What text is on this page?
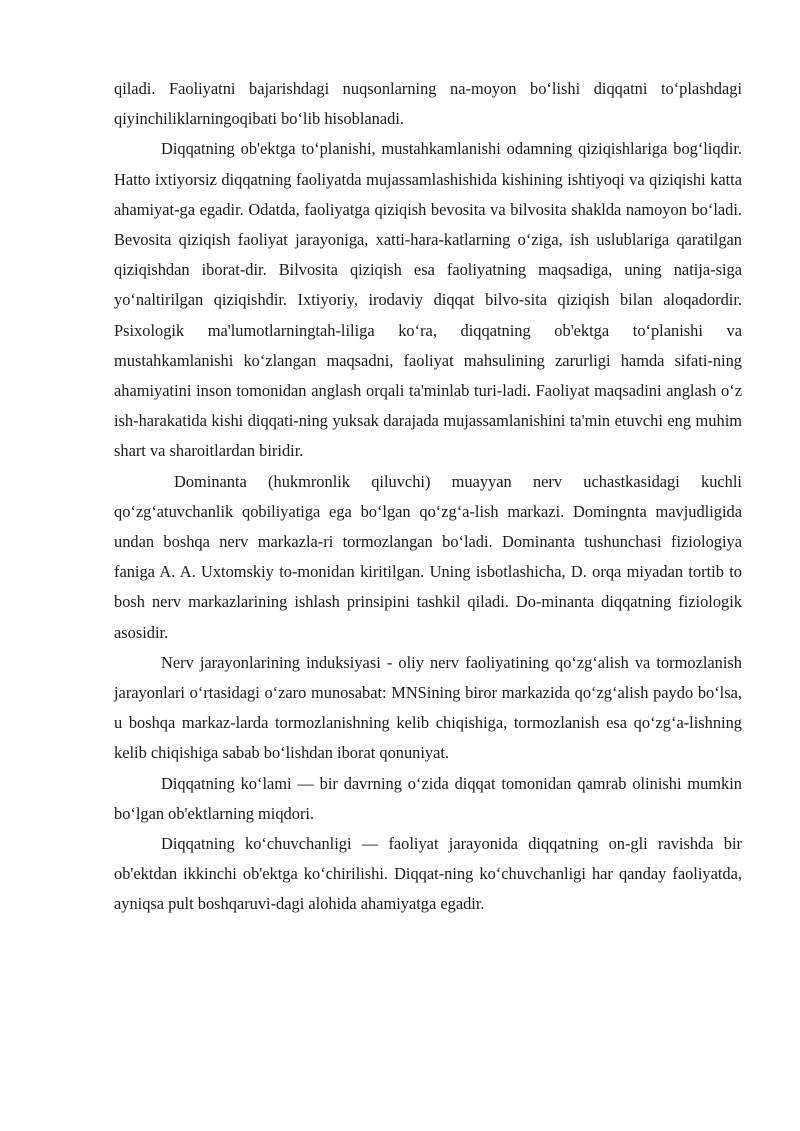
qiladi. Faoliyatni bajarishdagi nuqsonlarning na-moyon bo‘lishi diqqatni to‘plashdagi qiyinchiliklarningoqibati bo‘lib hisoblanadi.

Diqqatning ob'ektga to‘planishi, mustahkamlanishi odamning qiziqishlariga bog‘liqdir. Hatto ixtiyorsiz diqqatning faoliyatda mujassamlashishida kishining ishtiyoqi va qiziqishi katta ahamiyat-ga egadir. Odatda, faoliyatga qiziqish bevosita va bilvosita shaklda namoyon bo‘ladi. Bevosita qiziqish faoliyat jarayoniga, xatti-hara-katlarning o‘ziga, ish uslublariga qaratilgan qiziqishdan iborat-dir. Bilvosita qiziqish esa faoliyatning maqsadiga, uning natija-siga yo‘naltirilgan qiziqishdir. Ixtiyoriy, irodaviy diqqat bilvo-sita qiziqish bilan aloqadordir. Psixologik ma'lumotlarningtah-liliga ko‘ra, diqqatning ob'ektga to‘planishi va mustahkamlanishi ko‘zlangan maqsadni, faoliyat mahsulining zarurligi hamda sifati-ning ahamiyatini inson tomonidan anglash orqali ta'minlab turi-ladi. Faoliyat maqsadini anglash o‘z ish-harakatida kishi diqqati-ning yuksak darajada mujassamlanishini ta'min etuvchi eng muhim shart va sharoitlardan biridir.

Dominanta (hukmronlik qiluvchi) muayyan nerv uchastkasidagi kuchli qo‘zg‘atuvchanlik qobiliyatiga ega bo‘lgan qo‘zg‘a-lish markazi. Domingnta mavjudligida undan boshqa nerv markazla-ri tormozlangan bo‘ladi. Dominanta tushunchasi fiziologiya faniga A. A. Uxtomskiy to-monidan kiritilgan. Uning isbotlashicha, D. orqa miyadan tortib to bosh nerv markazlarining ishlash prinsipini tashkil qiladi. Do-minanta diqqatning fiziologik asosidir.

Nerv jarayonlarining induksiyasi - oliy nerv faoliyatining qo‘zg‘alish va tormozlanish jarayonlari o‘rtasidagi o‘zaro munosabat: MNSining biror markazida qo‘zg‘alish paydo bo‘lsa, u boshqa markaz-larda tormozlanishning kelib chiqishiga, tormozlanish esa qo‘zg‘a-lishning kelib chiqishiga sabab bo‘lishdan iborat qonuniyat.

Diqqatning ko‘lami — bir davrning o‘zida diqqat tomonidan qamrab olinishi mumkin bo‘lgan ob'ektlarning miqdori.

Diqqatning ko‘chuvchanligi — faoliyat jarayonida diqqatning on-gli ravishda bir ob'ektdan ikkinchi ob'ektga ko‘chirilishi. Diqqat-ning ko‘chuvchanligi har qanday faoliyatda, ayniqsa pult boshqaruvi-dagi alohida ahamiyatga egadir.
